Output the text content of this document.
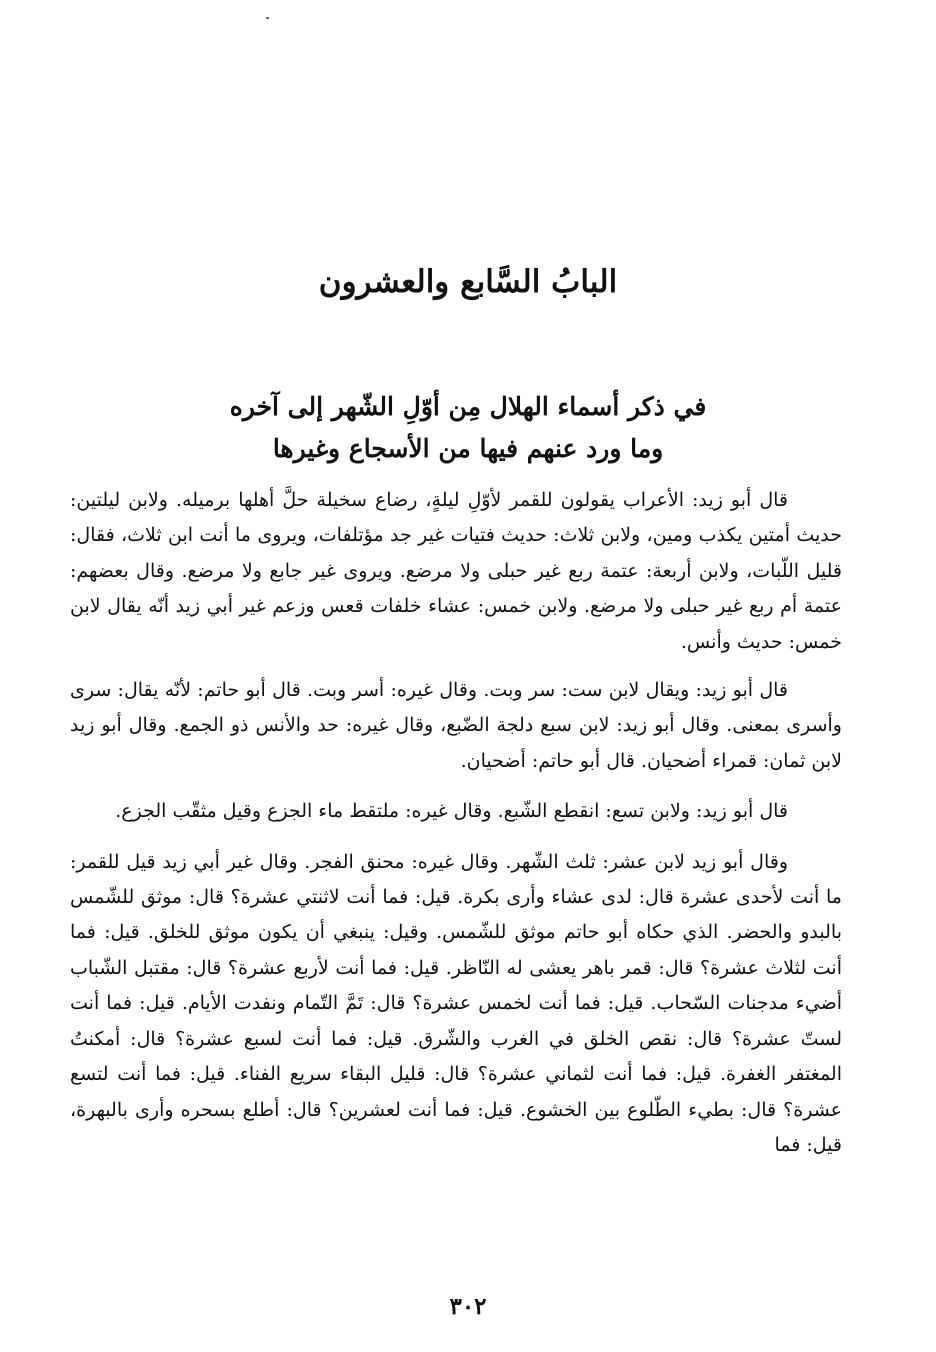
البابُ السَّابع والعشرون
في ذكر أسماء الهلال مِن أوّلِ الشّهر إلى آخره
وما ورد عنهم فيها من الأسجاع وغيرها

قال أبو زيد: الأعراب يقولون للقمر لأوّلِ ليلةٍ، رضاع سخيلة حلَّ أهلها برميله. ولابن ليلتين: حديث أمتين يكذب ومين، ولابن ثلاث: حديث فتيات غير جد مؤتلفات، ويروى ما أنت ابن ثلاث، فقال: قليل اللّبات، ولابن أربعة: عتمة ربع غير حبلى ولا مرضع. ويروى غير جابع ولا مرضع. وقال بعضهم: عتمة أم ربع غير حبلى ولا مرضع. ولابن خمس: عشاء خلفات قعس وزعم غير أبي زيد أنّه يقال لابن خمس: حديث وأنس.

قال أبو زيد: ويقال لابن ست: سر وبت. وقال غيره: أسر وبت. قال أبو حاتم: لأنّه يقال: سرى وأسرى بمعنى. وقال أبو زيد: لابن سبع دلجة الضّبع، وقال غيره: حد والأنس ذو الجمع. وقال أبو زيد لابن ثمان: قمراء أضحيان. قال أبو حاتم: أضحيان.

قال أبو زيد: ولابن تسع: انقطع الشّبع. وقال غيره: ملتقط ماء الجزع وقيل مثقّب الجزع.

وقال أبو زيد لابن عشر: ثلث الشّهر. وقال غيره: محنق الفجر. وقال غير أبي زيد قيل للقمر: ما أنت لأحدى عشرة قال: لدى عشاء وأرى بكرة. قيل: فما أنت لاثنتي عشرة؟ قال: موثق للشّمس بالبدو والحضر. الذي حكاه أبو حاتم موثق للشّمس. وقيل: ينبغي أن يكون موثق للخلق. قيل: فما أنت لثلاث عشرة؟ قال: قمر باهر يعشى له النّاظر. قيل: فما أنت لأربع عشرة؟ قال: مقتبل الشّباب أضيء مدجنات السّحاب. قيل: فما أنت لخمس عشرة؟ قال: تَمَّ التّمام ونفدت الأيام. قيل: فما أنت لستّ عشرة؟ قال: نقص الخلق في الغرب والشّرق. قيل: فما أنت لسبع عشرة؟ قال: أمكنتُ المغتفر الغفرة. قيل: فما أنت لثماني عشرة؟ قال: قليل البقاء سريع الفناء. قيل: فما أنت لتسع عشرة؟ قال: بطيء الطّلوع بين الخشوع. قيل: فما أنت لعشرين؟ قال: أطلع بسحره وأرى بالبهرة، قيل: فما

٣٠٢
